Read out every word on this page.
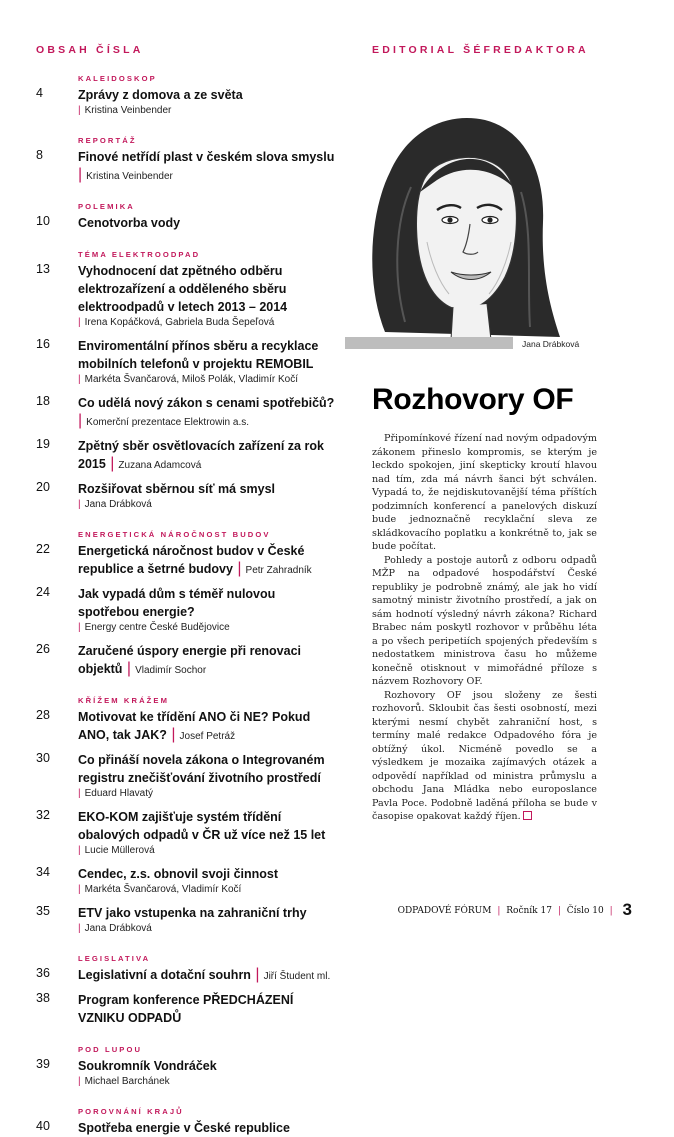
OBSAH ČÍSLA
KALEIDOSKOP
4	Zprávy z domova a ze světa
| Kristina Veinbender
REPORTÁŽ
8	Finové netřídí plast v českém slova smyslu | Kristina Veinbender
POLEMIKA
10 Cenotvorba vody
TÉMA ELEKTROODPAD
13 Vyhodnocení dat zpětného odběru elektrozařízení a odděleného sběru elektroodpadů v letech 2013 – 2014
| Irena Kopáčková, Gabriela Buda Šepeľová
16 Enviromentální přínos sběru a recyklace mobilních telefonů v projektu REMOBIL
| Markéta Švančarová, Miloš Polák, Vladimír Kočí
18 Co udělá nový zákon s cenami spotřebičů? | Komerční prezentace Elektrowin a.s.
19 Zpětný sběr osvětlovacích zařízení za rok 2015 | Zuzana Adamcová
20 Rozšiřovat sběrnou síť má smysl
| Jana Drábková
ENERGETICKÁ NÁROČNOST BUDOV
22 Energetická náročnost budov v České republice a šetrné budovy | Petr Zahradník
24 Jak vypadá dům s téměř nulovou spotřebou energie?
| Energy centre České Budějovice
26 Zaručené úspory energie při renovaci objektů | Vladimír Sochor
KŘÍŽEM KRÁŽEM
28 Motivovat ke třídění ANO či NE? Pokud ANO, tak JAK? | Josef Petráž
30 Co přináší novela zákona o Integrovaném registru znečišťování životního prostředí
| Eduard Hlavatý
32 EKO-KOM zajišťuje systém třídění obalových odpadů v ČR už více než 15 let
| Lucie Müllerová
34 Cendec, z.s. obnovil svoji činnost
| Markéta Švančarová, Vladimír Kočí
35 ETV jako vstupenka na zahraniční trhy
| Jana Drábková
LEGISLATIVA
36 Legislativní a dotační souhrn | Jiří Študent ml.
38 Program konference PŘEDCHÁZENÍ VZNIKU ODPADŮ
POD LUPOU
39 Soukromník Vondráček
| Michael Barchánek
POROVNÁNÍ KRAJŮ
40 Spotřeba energie v České republice
EDITORIAL ŠÉFREDAKTORA
Jana Drábková
Rozhovory OF

Připomínkové řízení nad novým odpadovým zákonem přineslo kompromis, se kterým je leckdo spokojen, jiní skepticky kroutí hlavou nad tím, zda má návrh šanci být schválen. Vypadá to, že nejdiskutovanější téma příštích podzimních konferencí a panelových diskuzí bude jednoznačně recyklační sleva ze skládkovacího poplatku a konkrétně to, jak se bude počítat.

Pohledy a postoje autorů z odboru odpadů MŽP na odpadové hospodářství České republiky je podrobně známý, ale jak ho vidí samotný ministr životního prostředí, a jak on sám hodnotí výsledný návrh zákona? Richard Brabec nám poskytl rozhovor v průběhu léta a po všech peripetiích spojených především s nedostatkem ministrova času ho můžeme konečně otisknout v mimořádné příloze s názvem Rozhovory OF.

Rozhovory OF jsou složeny ze šesti rozhovorů. Skloubit čas šesti osobností, mezi kterými nesmí chybět zahraniční host, s termíny malé redakce Odpadového fóra je obtížný úkol. Nicméně povedlo se a výsledkem je mozaika zajímavých otázek a odpovědí například od ministra průmyslu a obchodu Jana Mládka nebo europoslance Pavla Poce. Podobně laděná příloha se bude v časopise opakovat každý říjen.

ODPADOVÉ FÓRUM | Ročník 17 | Číslo 10 | 3
